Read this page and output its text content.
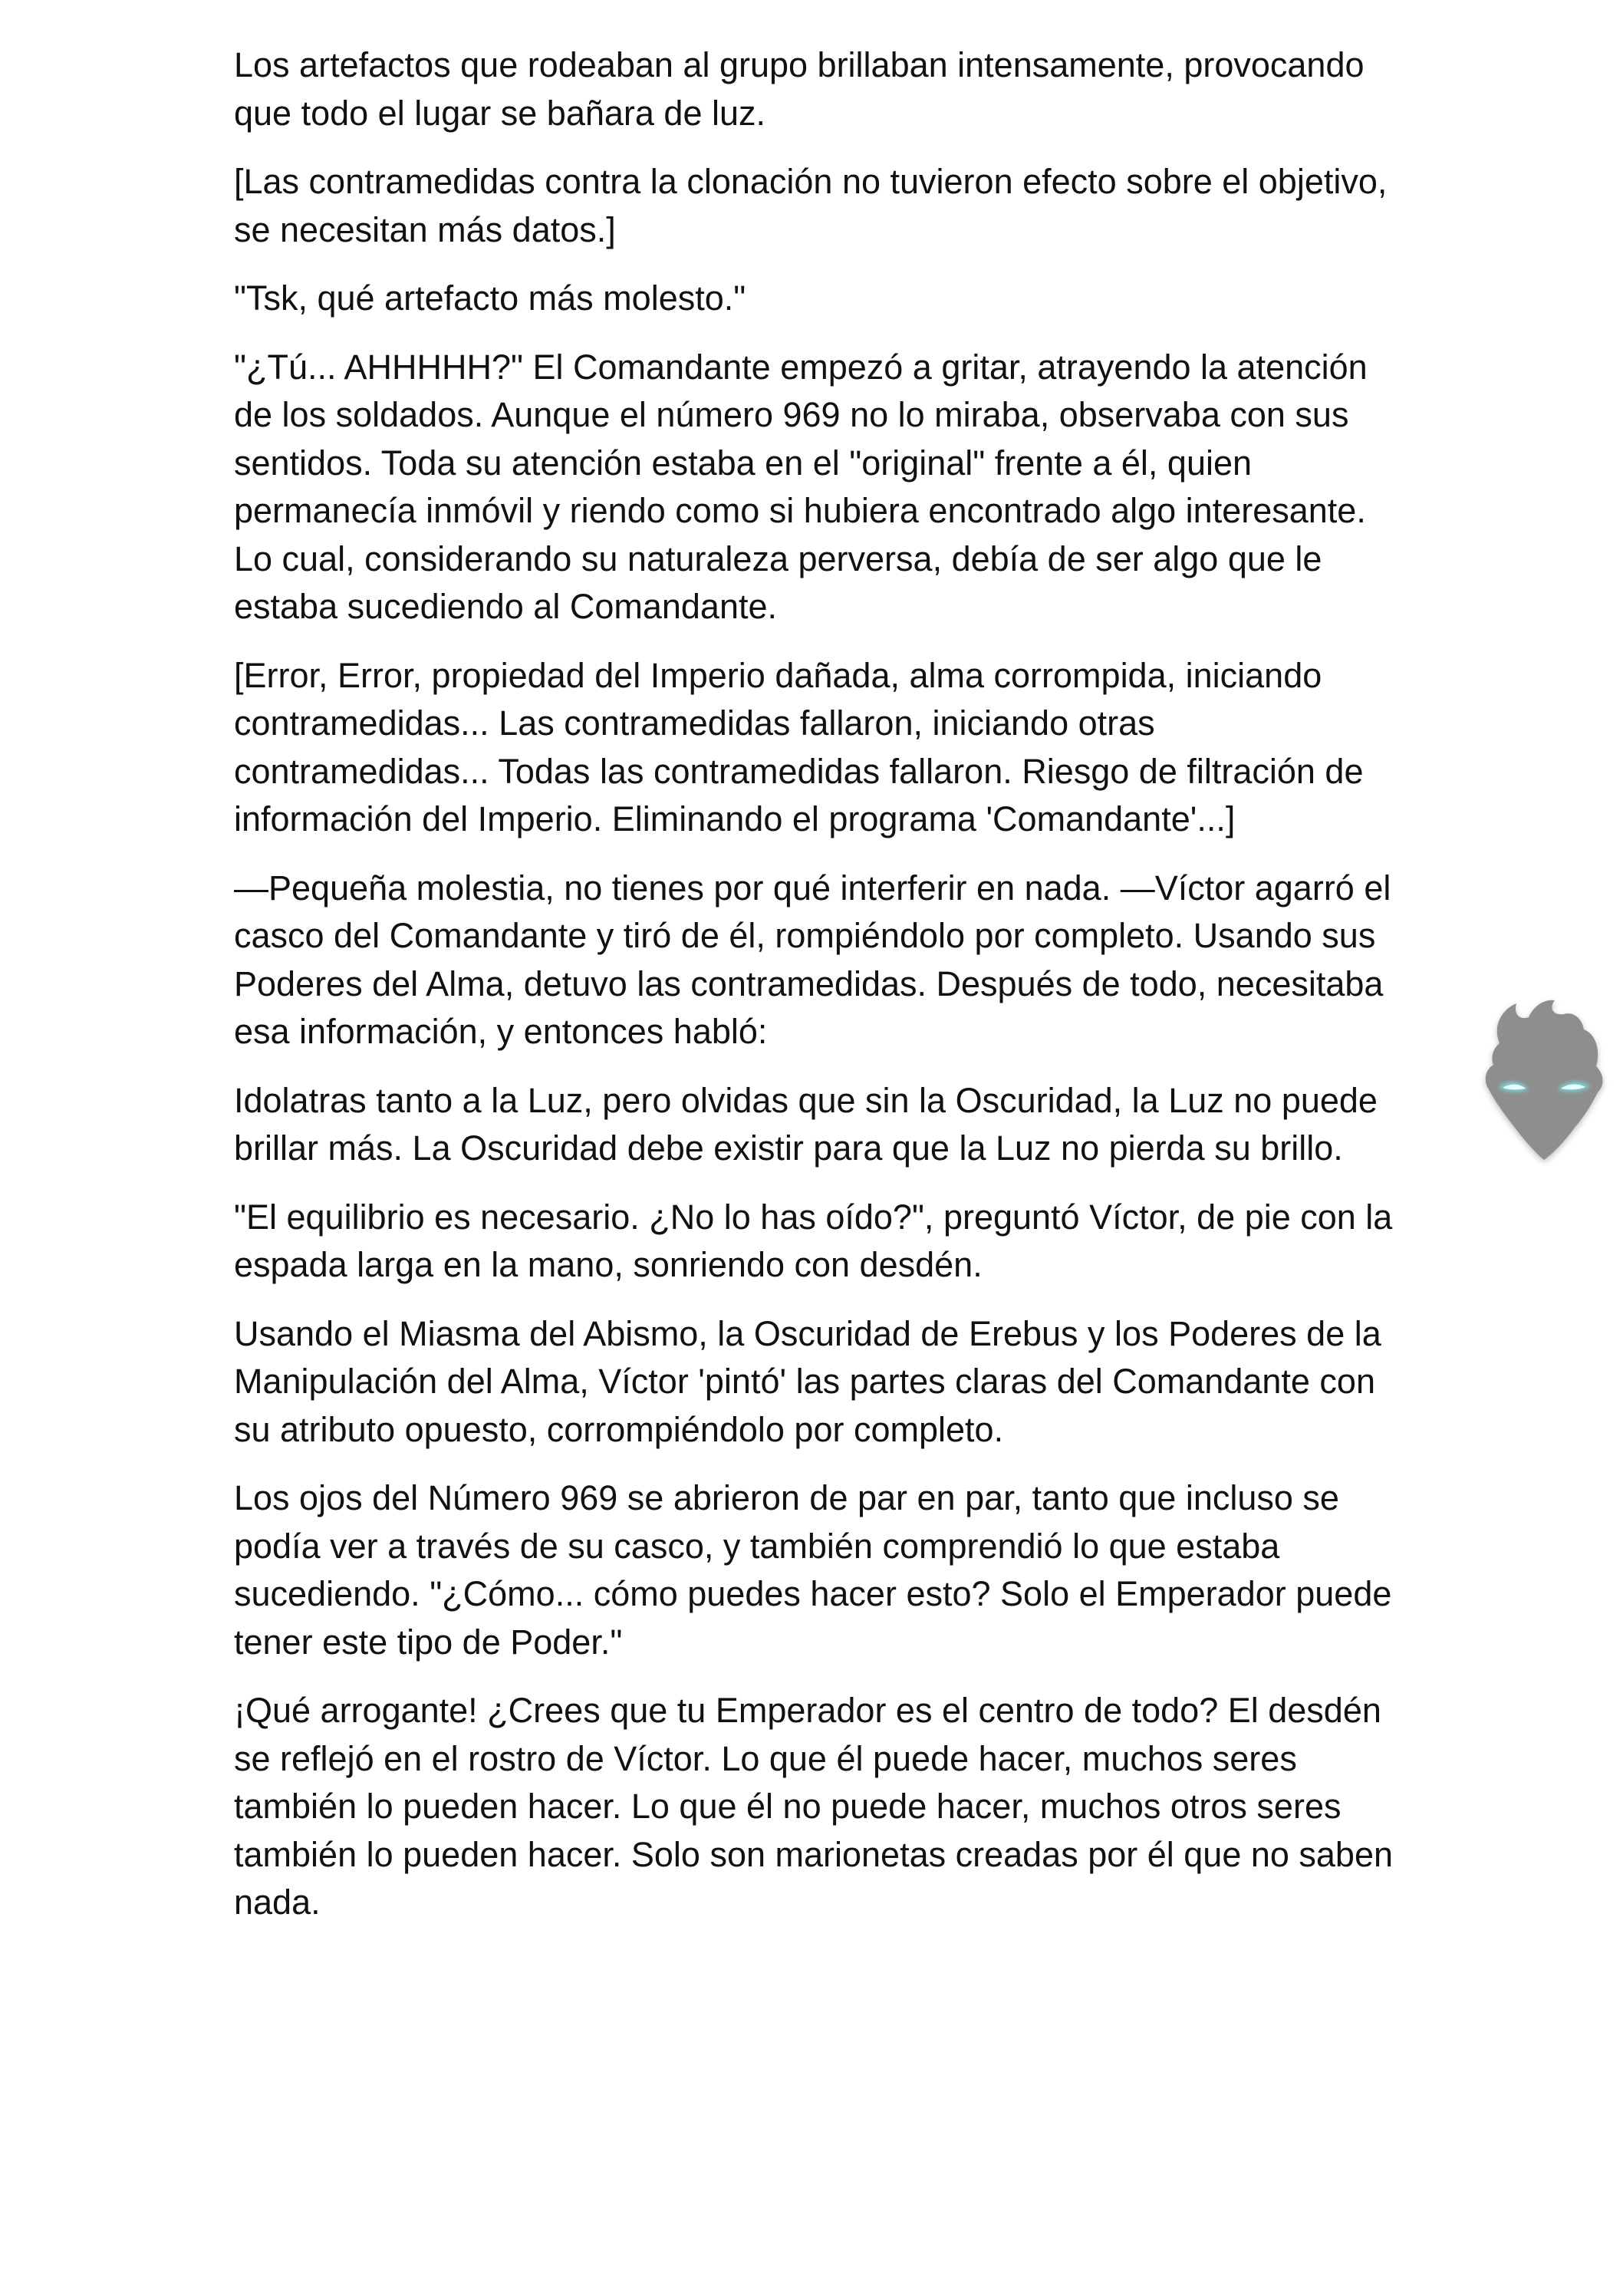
Los artefactos que rodeaban al grupo brillaban intensamente, provocando que todo el lugar se bañara de luz.

[Las contramedidas contra la clonación no tuvieron efecto sobre el objetivo, se necesitan más datos.]

"Tsk, qué artefacto más molesto."

"¿Tú... AHHHHH?" El Comandante empezó a gritar, atrayendo la atención de los soldados. Aunque el número 969 no lo miraba, observaba con sus sentidos. Toda su atención estaba en el "original" frente a él, quien permanecía inmóvil y riendo como si hubiera encontrado algo interesante. Lo cual, considerando su naturaleza perversa, debía de ser algo que le estaba sucediendo al Comandante.

[Error, Error, propiedad del Imperio dañada, alma corrompida, iniciando contramedidas... Las contramedidas fallaron, iniciando otras contramedidas... Todas las contramedidas fallaron. Riesgo de filtración de información del Imperio. Eliminando el programa 'Comandante'...]

—Pequeña molestia, no tienes por qué interferir en nada. —Víctor agarró el casco del Comandante y tiró de él, rompiéndolo por completo. Usando sus Poderes del Alma, detuvo las contramedidas. Después de todo, necesitaba esa información, y entonces habló:

Idolatras tanto a la Luz, pero olvidas que sin la Oscuridad, la Luz no puede brillar más. La Oscuridad debe existir para que la Luz no pierda su brillo.

"El equilibrio es necesario. ¿No lo has oído?", preguntó Víctor, de pie con la espada larga en la mano, sonriendo con desdén.

Usando el Miasma del Abismo, la Oscuridad de Erebus y los Poderes de la Manipulación del Alma, Víctor 'pintó' las partes claras del Comandante con su atributo opuesto, corrompiéndolo por completo.

Los ojos del Número 969 se abrieron de par en par, tanto que incluso se podía ver a través de su casco, y también comprendió lo que estaba sucediendo. "¿Cómo... cómo puedes hacer esto? Solo el Emperador puede tener este tipo de Poder."

¡Qué arrogante! ¿Crees que tu Emperador es el centro de todo? El desdén se reflejó en el rostro de Víctor. Lo que él puede hacer, muchos seres también lo pueden hacer. Lo que él no puede hacer, muchos otros seres también lo pueden hacer. Solo son marionetas creadas por él que no saben nada.
